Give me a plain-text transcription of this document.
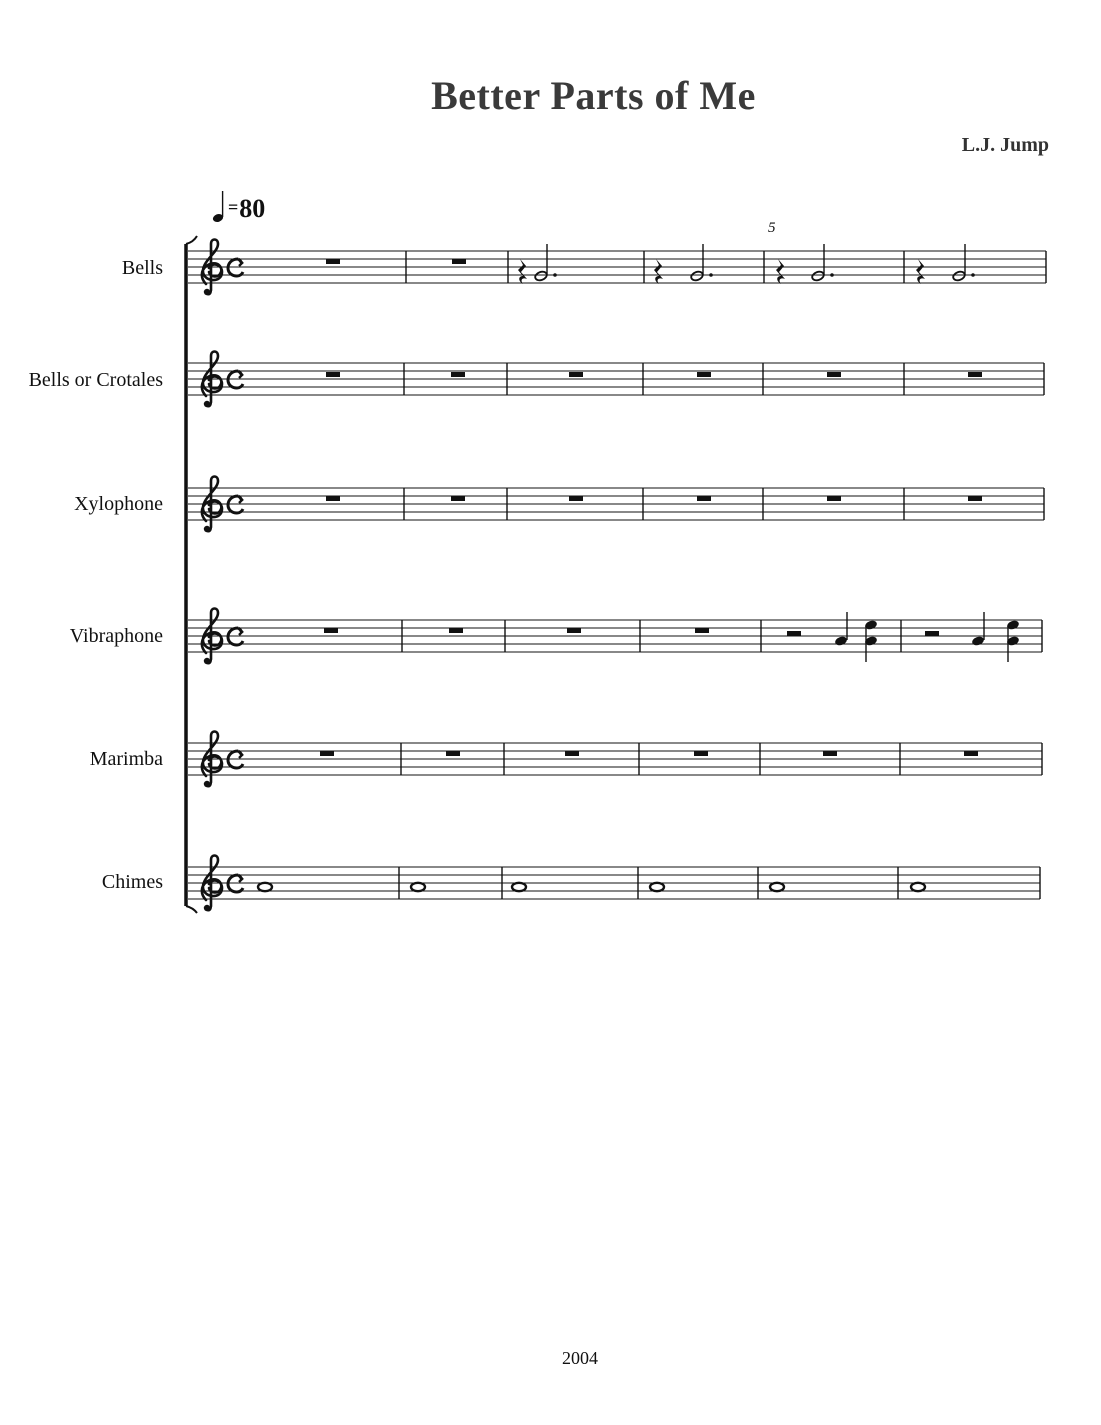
Better Parts of Me
L.J. Jump
= 80
5
Bells
Bells or Crotales
Xylophone
Vibraphone
Marimba
Chimes
2004
